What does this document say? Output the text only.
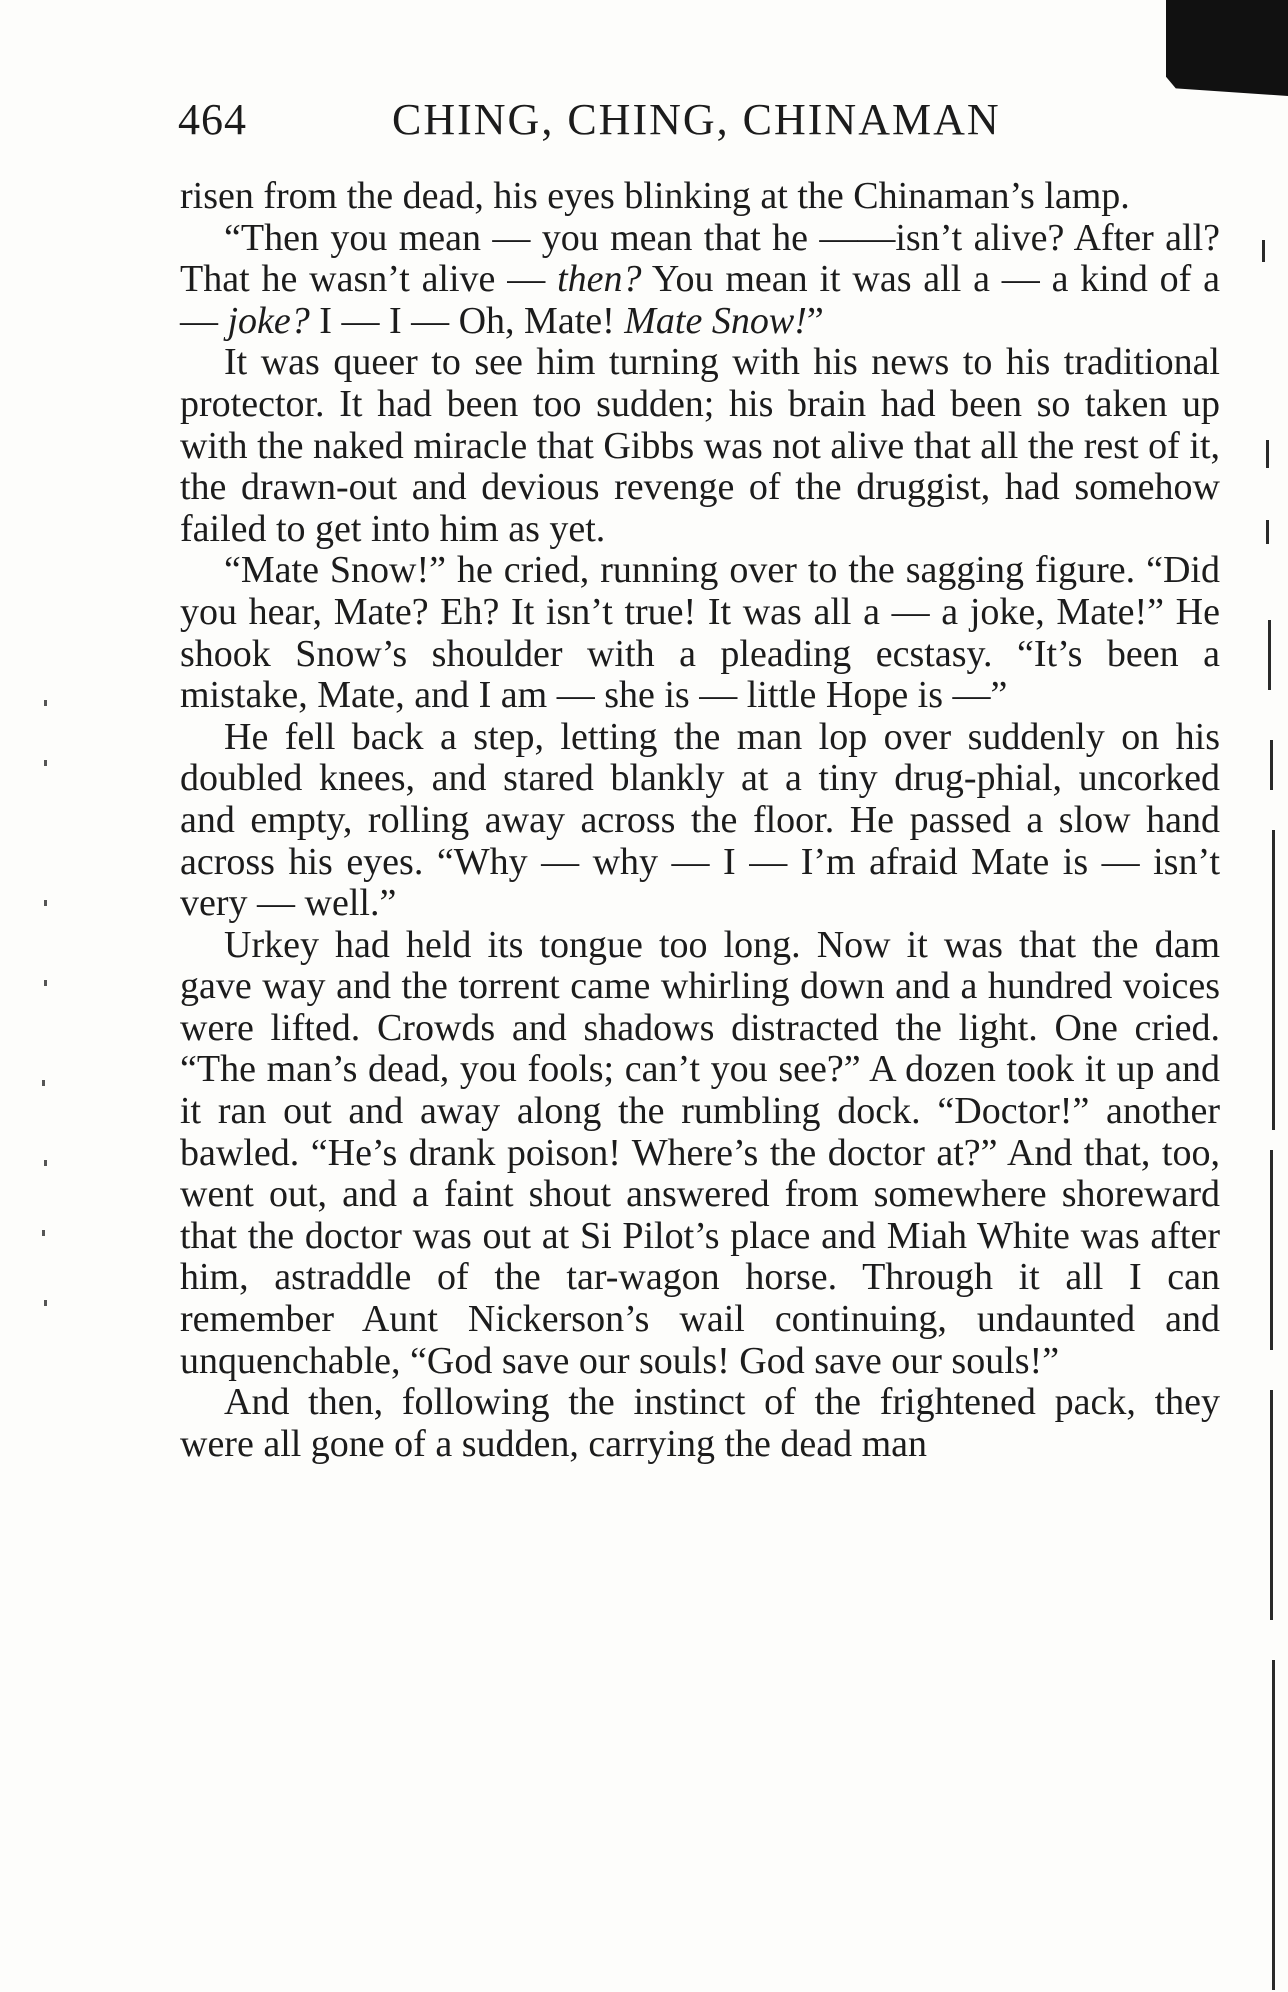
464	CHING, CHING, CHINAMAN

risen from the dead, his eyes blinking at the Chinaman’s lamp.

“Then you mean — you mean that he ——isn’t alive? After all? That he wasn’t alive — then? You mean it was all a — a kind of a — joke? I — I — Oh, Mate! Mate Snow!”

It was queer to see him turning with his news to his traditional protector. It had been too sudden; his brain had been so taken up with the naked miracle that Gibbs was not alive that all the rest of it, the drawn-out and devious revenge of the druggist, had somehow failed to get into him as yet.

“Mate Snow!” he cried, running over to the sagging figure. “Did you hear, Mate? Eh? It isn’t true! It was all a — a joke, Mate!” He shook Snow’s shoulder with a pleading ecstasy. “It’s been a mistake, Mate, and I am — she is — little Hope is —”

He fell back a step, letting the man lop over suddenly on his doubled knees, and stared blankly at a tiny drug-phial, uncorked and empty, rolling away across the floor. He passed a slow hand across his eyes. “Why — why — I — I’m afraid Mate is — isn’t very — well.”

Urkey had held its tongue too long. Now it was that the dam gave way and the torrent came whirling down and a hundred voices were lifted. Crowds and shadows distracted the light. One cried. “The man’s dead, you fools; can’t you see?” A dozen took it up and it ran out and away along the rumbling dock. “Doctor!” another bawled. “He’s drank poison! Where’s the doctor at?” And that, too, went out, and a faint shout answered from somewhere shoreward that the doctor was out at Si Pilot’s place and Miah White was after him, astraddle of the tar-wagon horse. Through it all I can remember Aunt Nickerson’s wail continuing, undaunted and unquenchable, “God save our souls! God save our souls!”

And then, following the instinct of the frightened pack, they were all gone of a sudden, carrying the dead man
